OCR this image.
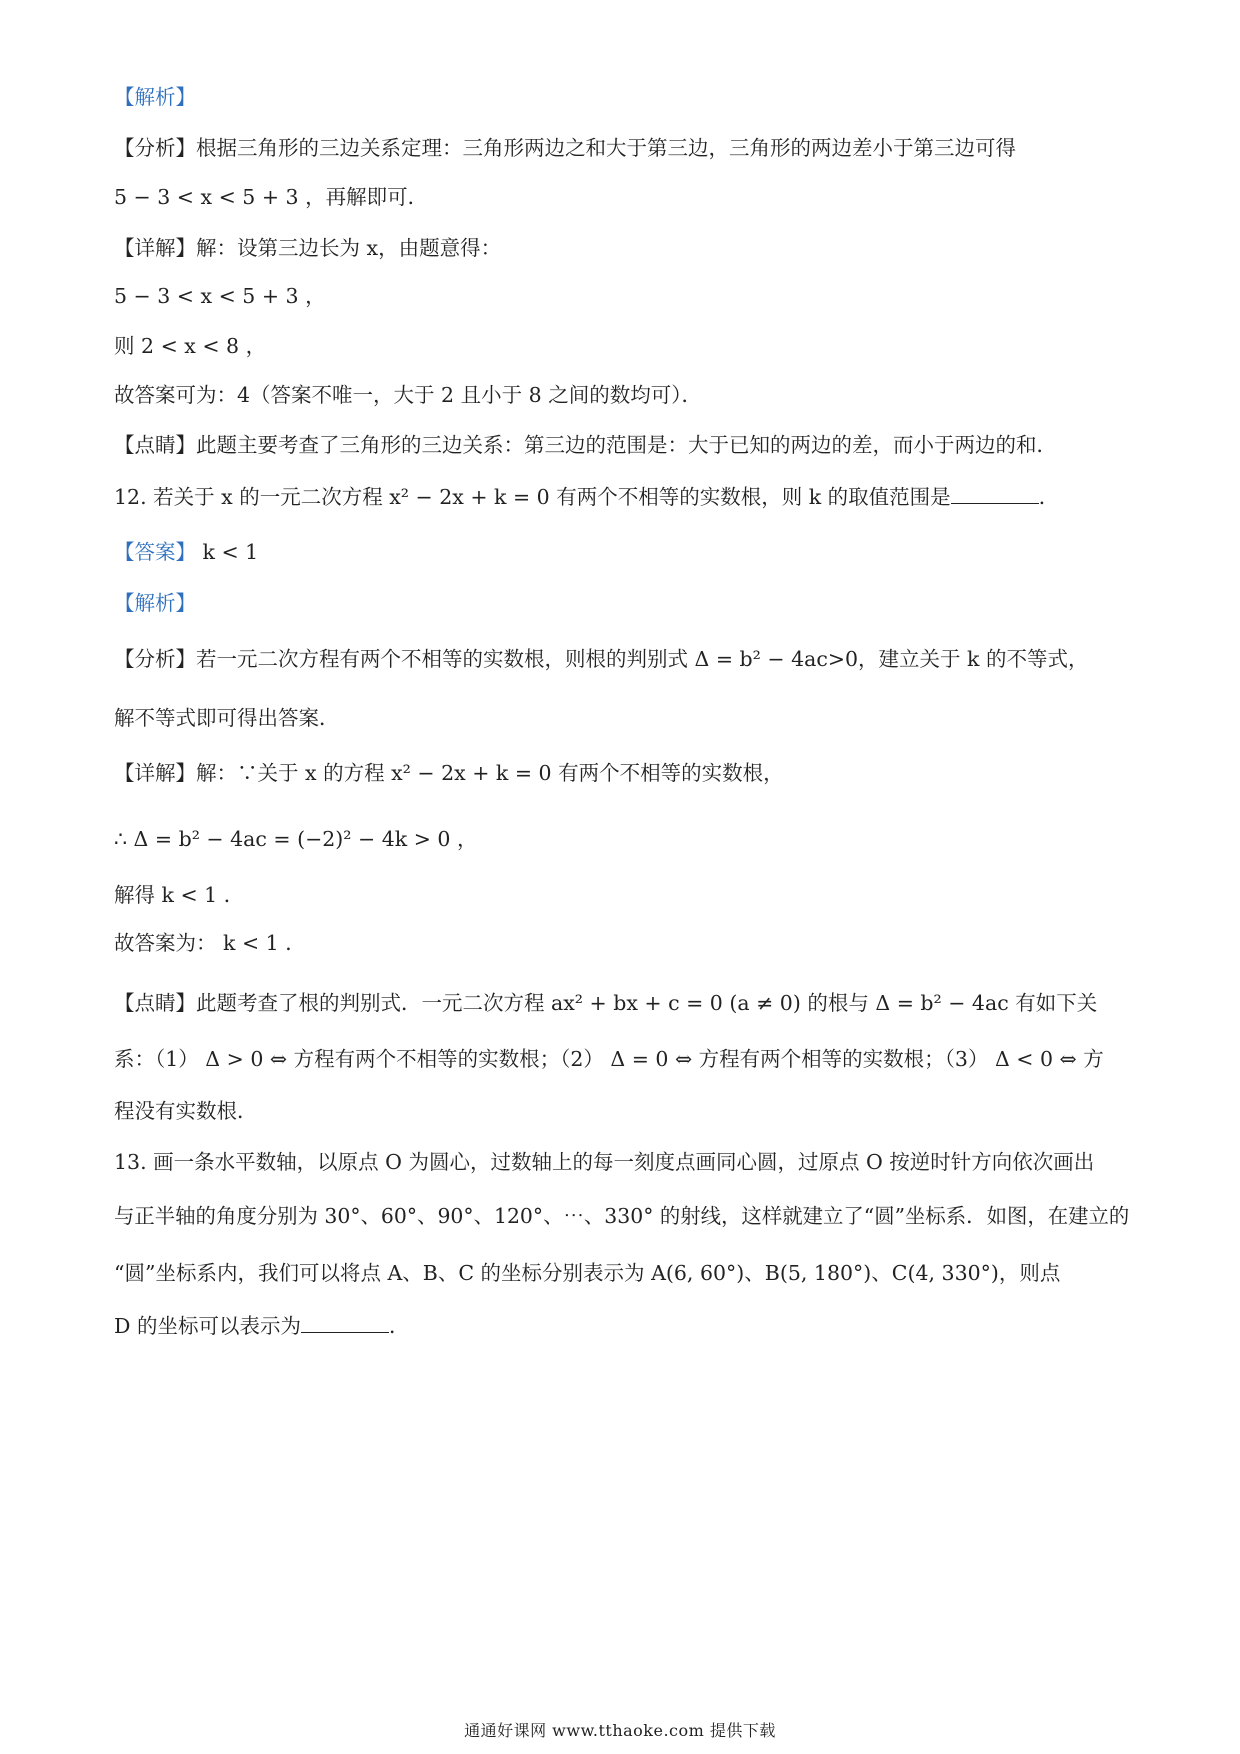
【解析】
【分析】根据三角形的三边关系定理：三角形两边之和大于第三边，三角形的两边差小于第三边可得
5 − 3 < x < 5 + 3 ，再解即可．
【详解】解：设第三边长为 x，由题意得：
5 − 3 < x < 5 + 3 ，
则 2 < x < 8 ，
故答案可为：4（答案不唯一，大于 2 且小于 8 之间的数均可）．
【点睛】此题主要考查了三角形的三边关系：第三边的范围是：大于已知的两边的差，而小于两边的和．
12. 若关于 x 的一元二次方程 x² − 2x + k = 0 有两个不相等的实数根，则 k 的取值范围是	．
【答案】 k < 1
【解析】
【分析】若一元二次方程有两个不相等的实数根，则根的判别式 Δ = b² − 4ac>0，建立关于 k 的不等式，
解不等式即可得出答案．
【详解】解：∵关于 x 的方程 x² − 2x + k = 0 有两个不相等的实数根，
∴ Δ = b² − 4ac = (−2)² − 4k > 0 ，
解得 k < 1 ．
故答案为： k < 1 ．
【点睛】此题考查了根的判别式．一元二次方程 ax² + bx + c = 0 (a ≠ 0) 的根与 Δ = b² − 4ac 有如下关
系：（1） Δ > 0 ⇔ 方程有两个不相等的实数根；（2） Δ = 0 ⇔ 方程有两个相等的实数根；（3） Δ < 0 ⇔ 方
程没有实数根．
13. 画一条水平数轴，以原点 O 为圆心，过数轴上的每一刻度点画同心圆，过原点 O 按逆时针方向依次画出
与正半轴的角度分别为 30°、60°、90°、120°、⋯、330° 的射线，这样就建立了“圆”坐标系．如图，在建立的
“圆”坐标系内，我们可以将点 A、B、C 的坐标分别表示为 A(6, 60°)、B(5, 180°)、C(4, 330°)，则点
D 的坐标可以表示为	．
通通好课网 www.tthaoke.com 提供下载
